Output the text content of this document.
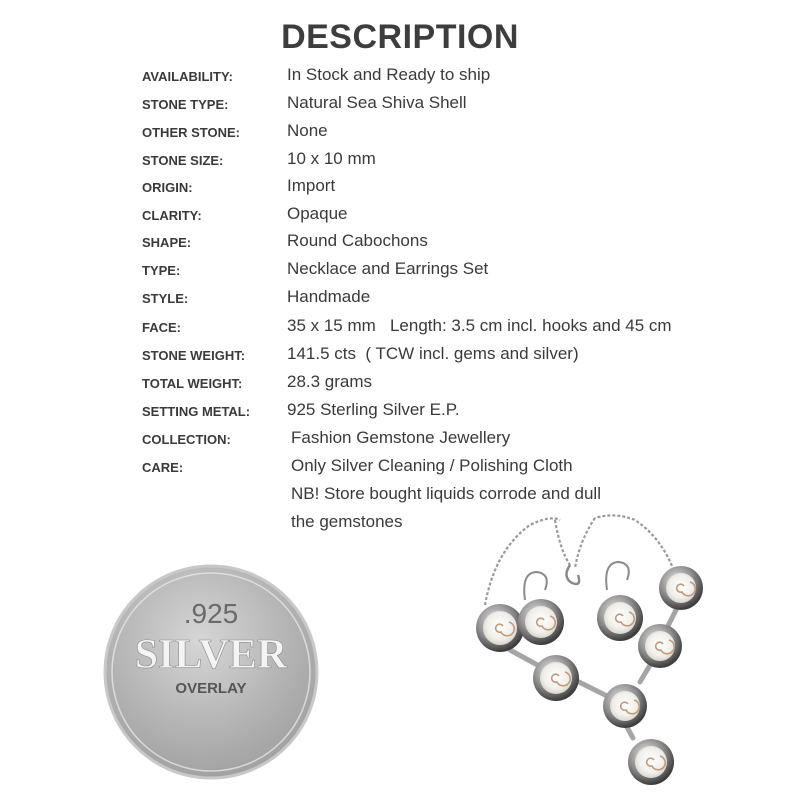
DESCRIPTION
AVAILABILITY:	In Stock and Ready to ship
STONE TYPE:	Natural Sea Shiva Shell
OTHER STONE:	None
STONE SIZE:	10 x 10 mm
ORIGIN:	Import
CLARITY:	Opaque
SHAPE:	Round Cabochons
TYPE:	Necklace and Earrings Set
STYLE:	Handmade
FACE:	35 x 15 mm   Length: 3.5 cm incl. hooks and 45 cm
STONE WEIGHT: 141.5 cts  ( TCW incl. gems and silver)
TOTAL WEIGHT:	28.3 grams
SETTING METAL: 925 Sterling Silver E.P.
COLLECTION:	Fashion Gemstone Jewellery
CARE:	Only Silver Cleaning / Polishing Cloth
NB! Store bought liquids corrode and dull
the gemstones
.925
SILVER
OVERLAY
